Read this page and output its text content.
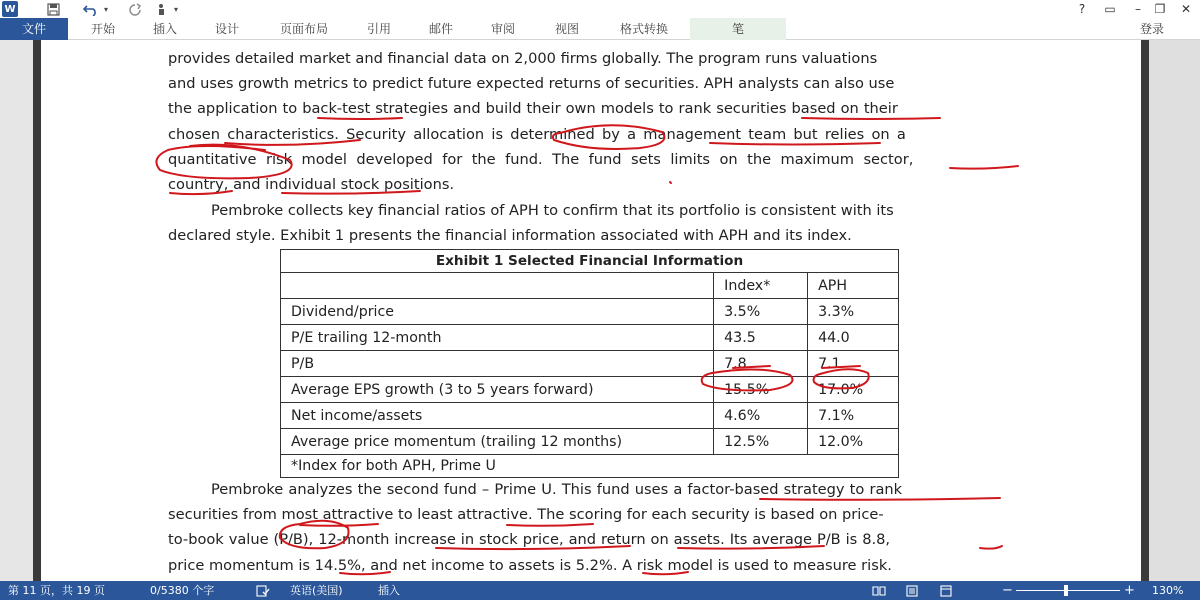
W	▾	▾	?	▭	–	❐	✕
文件	开始	插入	设计	页面布局	引用	邮件	审阅	视图	格式转换	笔	登录
provides detailed market and financial data on 2,000 firms globally. The program runs valuations
and uses growth metrics to predict future expected returns of securities. APH analysts can also use
the application to back-test strategies and build their own models to rank securities based on their
chosen characteristics. Security allocation is determined by a management team but relies on a
quantitative risk model developed for the fund. The fund sets limits on the maximum sector,
country, and individual stock positions.
Pembroke collects key financial ratios of APH to confirm that its portfolio is consistent with its
declared style. Exhibit 1 presents the financial information associated with APH and its index.
Exhibit 1 Selected Financial Information		
	Index*	APH
Dividend/price	3.5%	3.3%
P/E trailing 12-month	43.5	44.0
P/B	7.8	7.1
Average EPS growth (3 to 5 years forward)	15.5%	17.0%
Net income/assets	4.6%	7.1%
Average price momentum (trailing 12 months)	12.5%	12.0%
*Index for both APH, Prime U		
Pembroke analyzes the second fund – Prime U. This fund uses a factor-based strategy to rank
securities from most attractive to least attractive. The scoring for each security is based on price-
to-book value (P/B), 12-month increase in stock price, and return on assets. Its average P/B is 8.8,
price momentum is 14.5%, and net income to assets is 5.2%. A risk model is used to measure risk.
第 11 页，共 19 页	0/5380 个字	英语(美国)	插入	−	+ 130%
